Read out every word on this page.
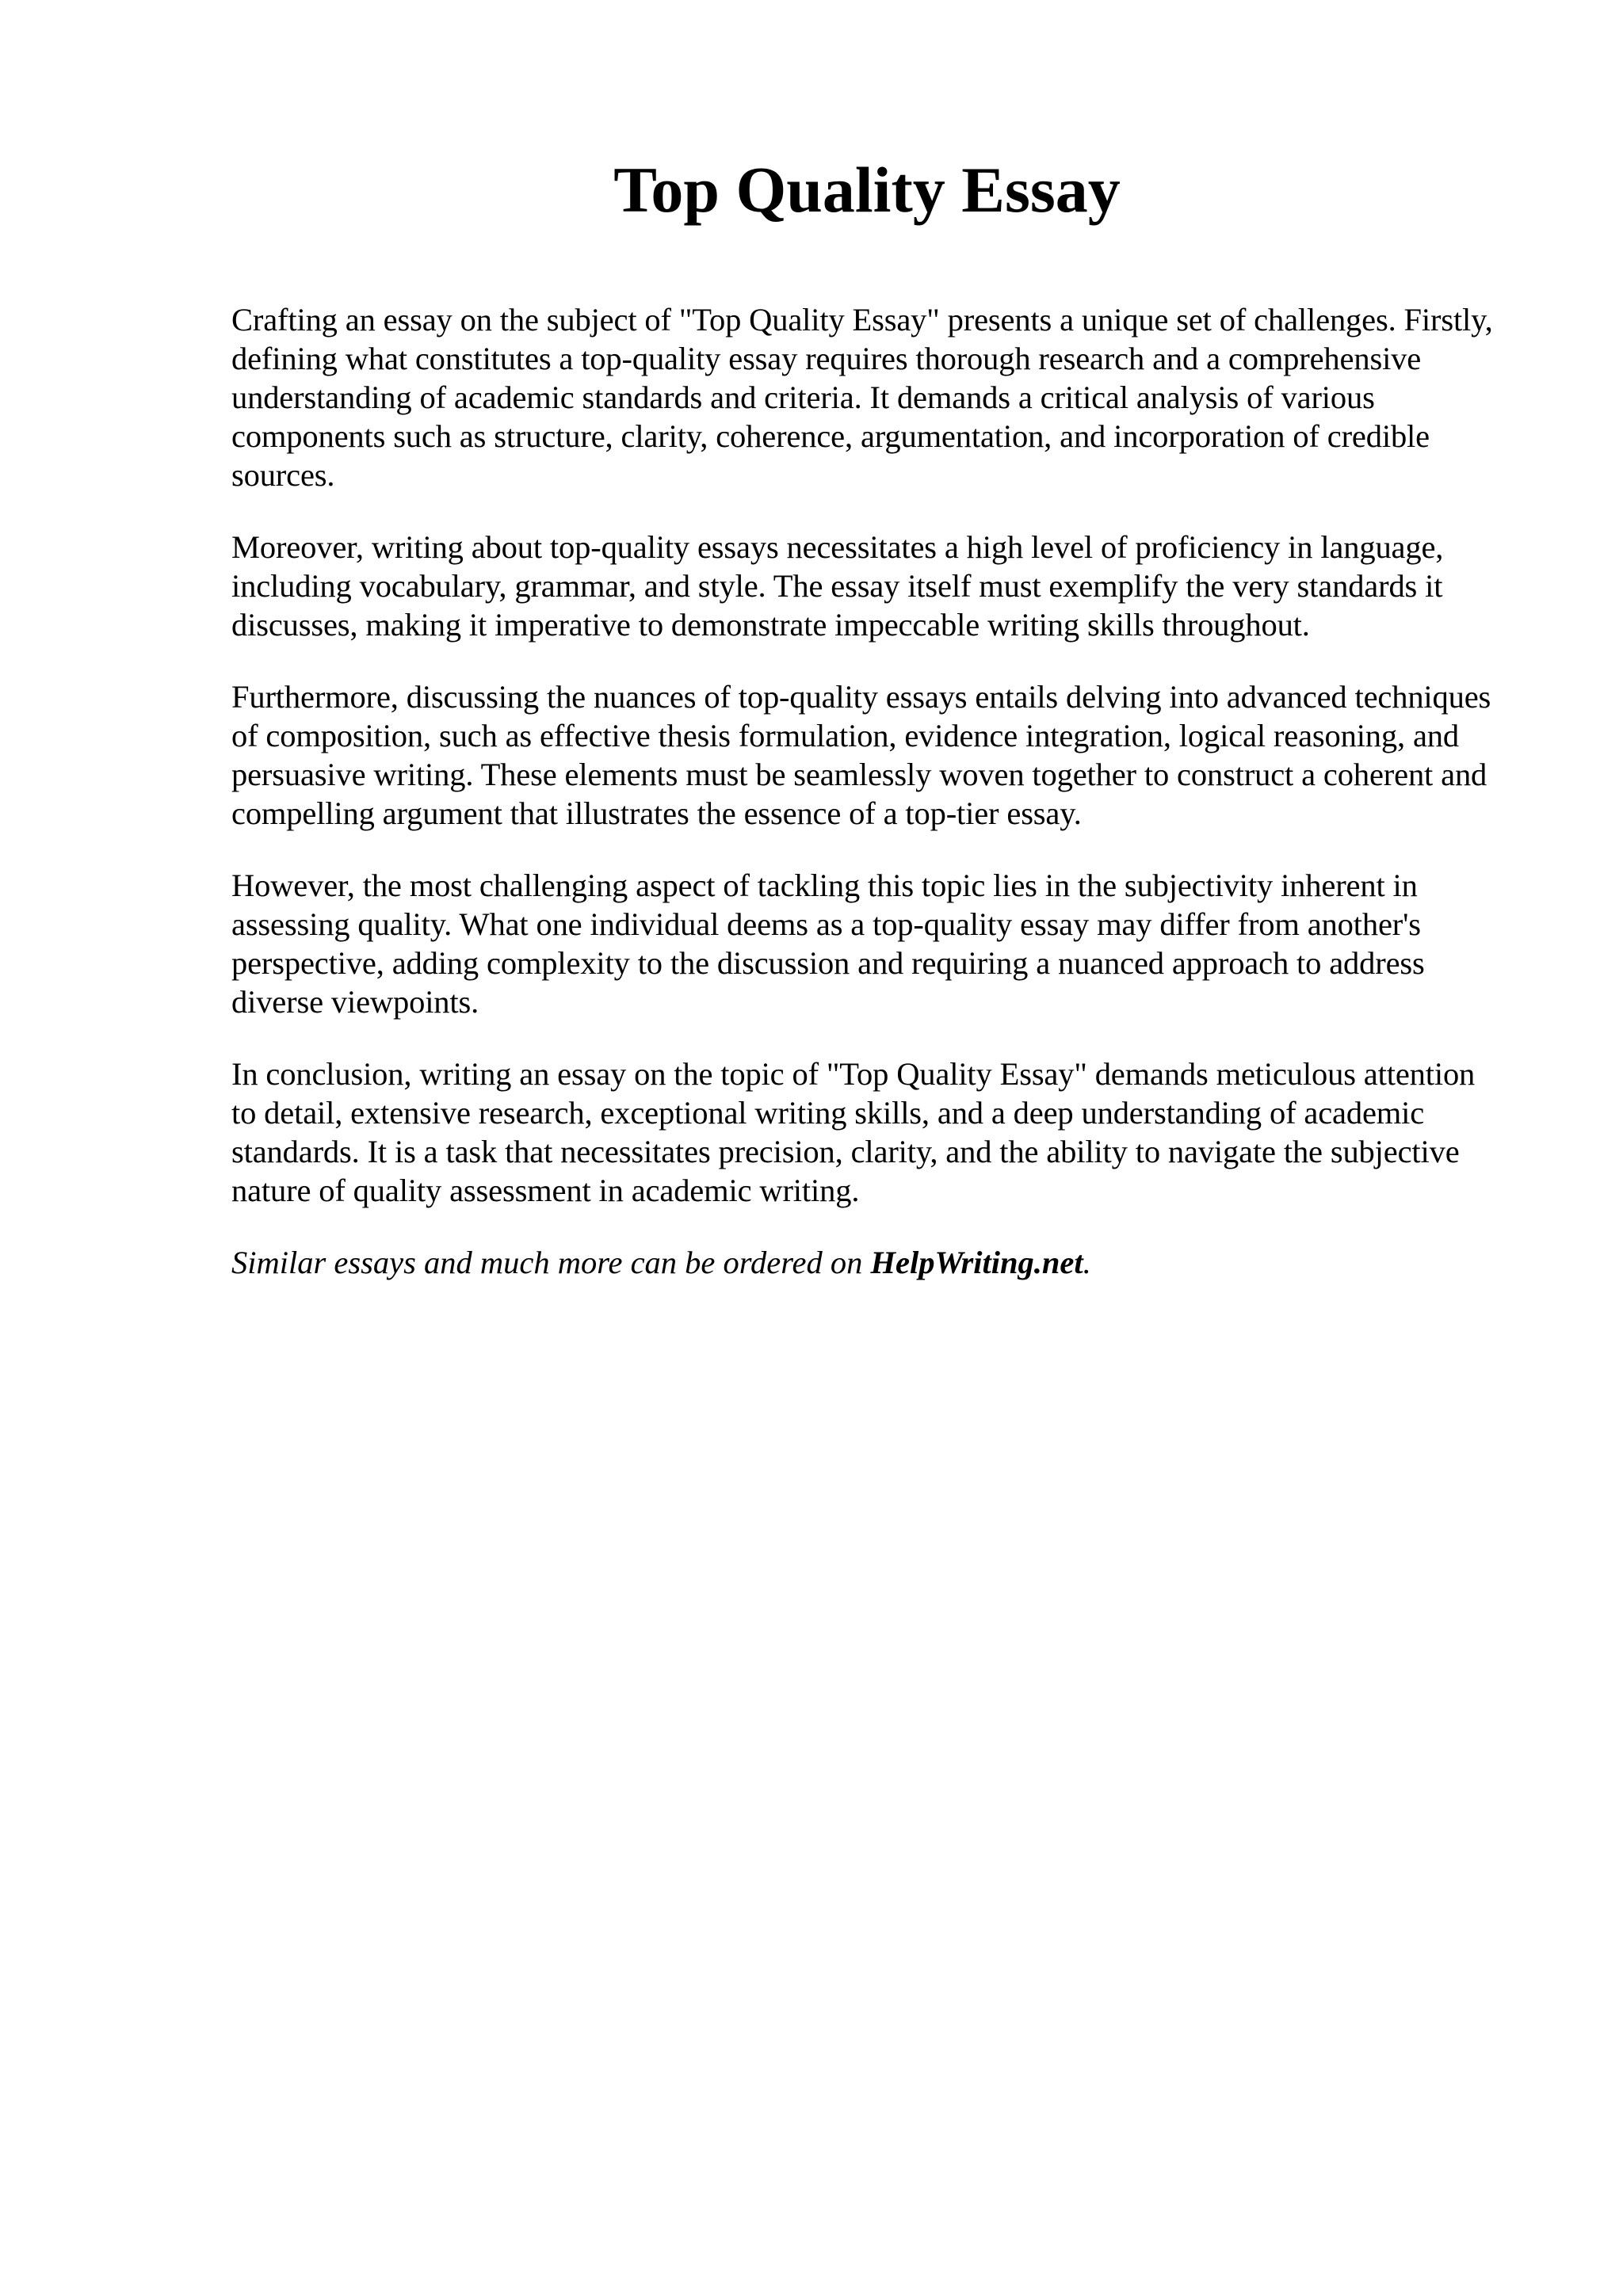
Top Quality Essay

Crafting an essay on the subject of "Top Quality Essay" presents a unique set of challenges. Firstly, defining what constitutes a top-quality essay requires thorough research and a comprehensive understanding of academic standards and criteria. It demands a critical analysis of various components such as structure, clarity, coherence, argumentation, and incorporation of credible sources.

Moreover, writing about top-quality essays necessitates a high level of proficiency in language, including vocabulary, grammar, and style. The essay itself must exemplify the very standards it discusses, making it imperative to demonstrate impeccable writing skills throughout.

Furthermore, discussing the nuances of top-quality essays entails delving into advanced techniques of composition, such as effective thesis formulation, evidence integration, logical reasoning, and persuasive writing. These elements must be seamlessly woven together to construct a coherent and compelling argument that illustrates the essence of a top-tier essay.

However, the most challenging aspect of tackling this topic lies in the subjectivity inherent in assessing quality. What one individual deems as a top-quality essay may differ from another's perspective, adding complexity to the discussion and requiring a nuanced approach to address diverse viewpoints.

In conclusion, writing an essay on the topic of "Top Quality Essay" demands meticulous attention to detail, extensive research, exceptional writing skills, and a deep understanding of academic standards. It is a task that necessitates precision, clarity, and the ability to navigate the subjective nature of quality assessment in academic writing.

Similar essays and much more can be ordered on HelpWriting.net.
